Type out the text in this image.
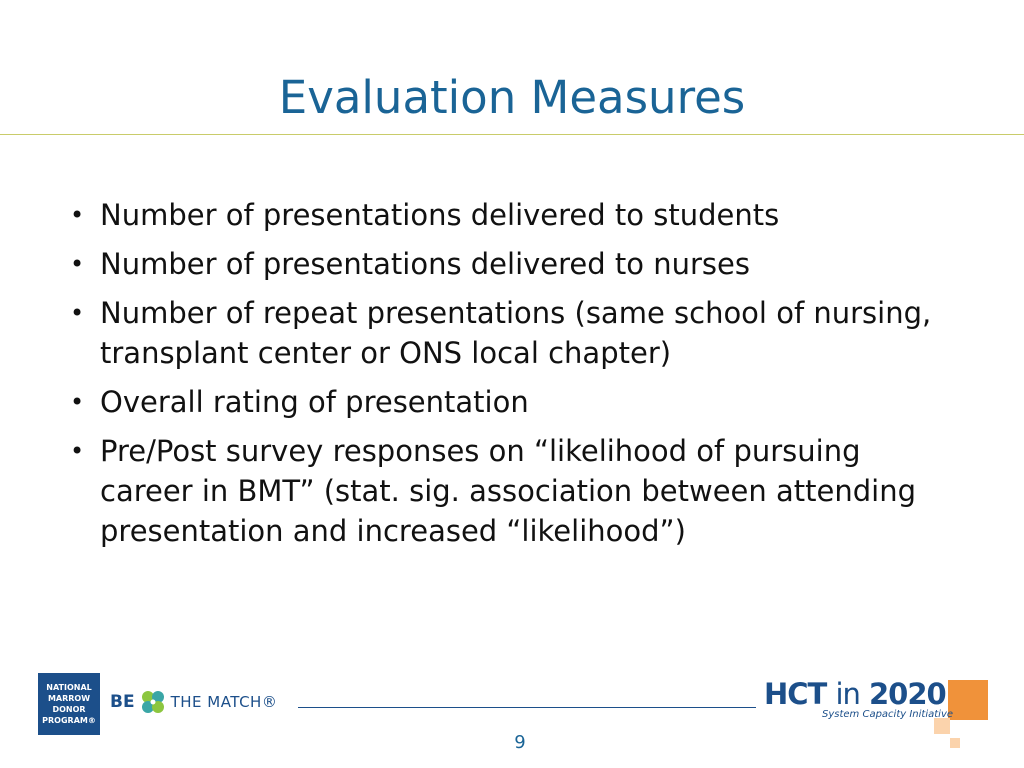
Evaluation Measures
• Number of presentations delivered to students
• Number of presentations delivered to nurses
• Number of repeat presentations (same school of nursing, transplant center or ONS local chapter)
• Overall rating of presentation
• Pre/Post survey responses on “likelihood of pursuing career in BMT” (stat. sig. association between attending presentation and increased “likelihood”)
NATIONAL
MARROW
DONOR
PROGRAM®
BE THE MATCH®	HCT in 2020
System Capacity Initiative
9
